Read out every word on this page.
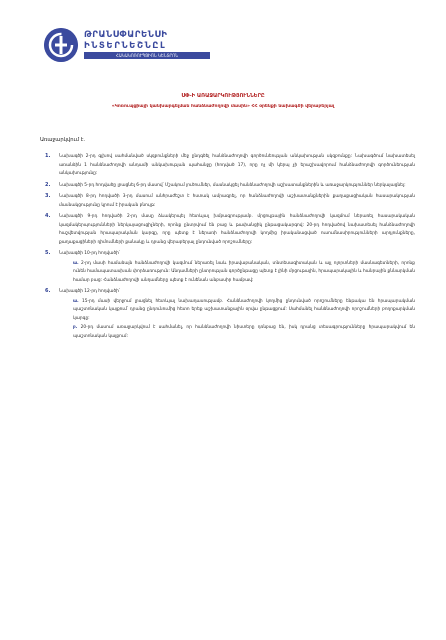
ԹՐԱՆՍՓԱՐԵՆՍԻ
ԻՆՏԵՐՆԵՇՆԸԼ
ՀԱԿԱԿՈՌՈՒՊՑԻՈՆ ԿԵՆՏՐՈՆ
ՍՓ-Ի ԱՌԱՋԱՐԿՈՒԹՅՈՒՆՆԵՐԸ
«Կոռուպցիայի կանխարգելման հանձնաժողովի մասին» ՀՀ օրենքի նախագծի վերաբերյալ
Առաջարկվում է.
1. Նախագծի 2-րդ գլխով սահմանված սկզբունքների մեջ ընդգծել հանձնաժողովի գործունեության անկախության սկզբունքը: Նախագծում նախատեսել առանձին 1 հանձնաժողովի անդամի անկախության պահանջը (հոդված 17), որը ոչ մի կերպ չի երաշխավորում հանձնաժողովի գործունեության անկախությունը:
2. Նախագծի 5-րդ հոդվածը լրացնել 6-րդ մասով՝ Մշակում լուծումներ, մասնակցել հանձնաժողովի աշխատանքներին և առաջարկություններ ներկայացնել:
3. Նախագծի 8-րդ հոդվածի 3-րդ մասում անհրաժեշտ է հստակ ամրագրել, որ հանձնաժողովի աշխատանքներին քաղաքացիական հասարակության մասնակցությունը կրում է իրական բնույթ:
4. Նախագծի 9-րդ հոդվածի 2-րդ մասը ձևակերպել հետևյալ խմբագրությամբ. մրցույթային հանձնաժողովի կազմում ներառել հասարակական կազմակերպությունների ներկայացուցիչների, որոնք ընտրվում են բաց և թափանցիկ ընթացակարգով: 20-րդ հոդվածով նախատեսել հանձնաժողովի հաշվետվության հրապարակման կարգը, որը պետք է ներառի հանձնաժողովի կողմից իրականացված ուսումնասիրությունների արդյունքները, քաղաքացիների դիմումների քանակը և դրանց վերաբերյալ ընդունված որոշումները:
5. Նախագծի 10-րդ հոդվածի՝
ա. 2-րդ մասի համաձայն հանձնաժողովի կազմում ներառել նաև իրավաբանական, տնտեսագիտական և այլ ոլորտների մասնագետների, որոնք ունեն համապատասխան փորձառություն: Անդամների ընտրության գործընթացը պետք է լինի մրցութային, հրապարակային և հանրային քննարկման համար բաց: Հանձնաժողովի անդամները պետք է ունենան անբասիր համբավ:
6. Նախագծի 12-րդ հոդվածի՝
ա. 15-րդ մասի վերջում լրացնել հետևյալ նախադասությամբ. Հանձնաժողովի կողմից ընդունված որոշումները ենթակա են հրապարակման պաշտոնական կայքում՝ դրանց ընդունումից հետո երեք աշխատանքային օրվա ընթացքում: Սահմանել հանձնաժողովի որոշումների բողոքարկման կարգը:
բ. 20-րդ մասում առաջարկվում է սահմանել, որ հանձնաժողովի նիստերը դռնբաց են, իսկ դրանց տեսագրությունները հրապարակվում են պաշտոնական կայքում:
